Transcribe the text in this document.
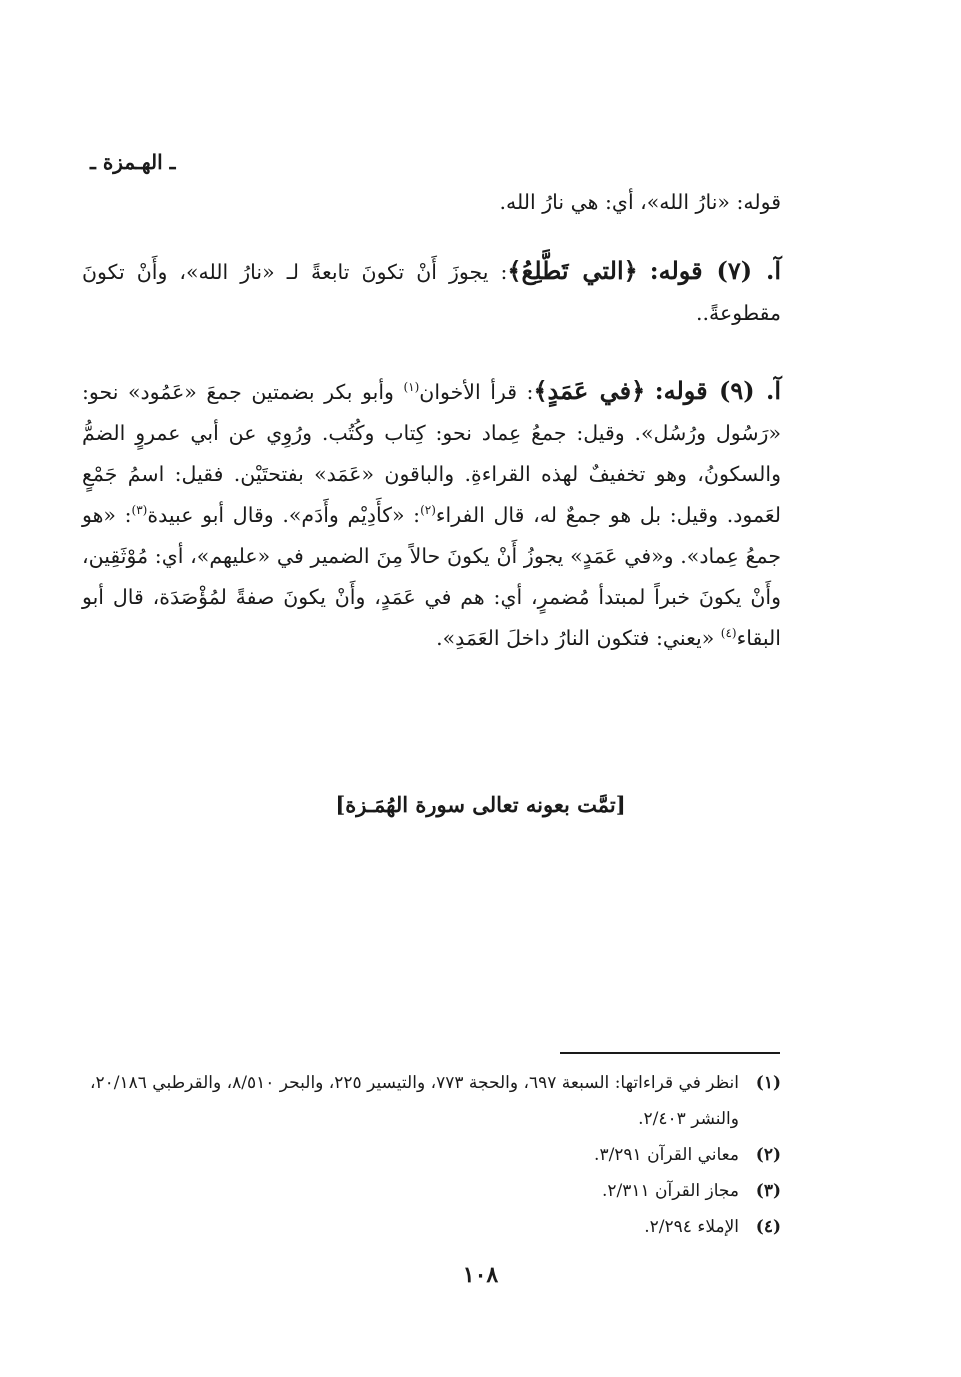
ـ الهـمزة ـ
قوله: «نارُ الله»، أي: هي نارُ الله.
آ. (٧) قوله: ﴿التي تَطَّلِعُ﴾: يجوزَ أَنْ تكونَ تابعةً لـ «نارُ الله»، وأَنْ تكونَ مقطوعةً..
آ. (٩) قوله: ﴿في عَمَدٍ﴾: قرأ الأخوان$^{(١)}$ وأبو بكر بضمتين جمعَ «عَمُود» نحو: «رَسُول ورُسُل». وقيل: جمعُ عِماد نحو: كِتاب وكُتُب. ورُوِي عن أبي عمروٍ الضمُّ والسكونُ، وهو تخفيفٌ لهذه القراءةِ. والباقون «عَمَد» بفتحتَيْن. فقيل: اسمُ جَمْعٍ لعَمود. وقيل: بل هو جمعٌ له، قال الفراء$^{(٢)}$: «كأَدِيْم وأَدَم». وقال أبو عبيدة$^{(٣)}$: «هو جمعُ عِماد». و«في عَمَدٍ» يجوزُ أَنْ يكونَ حالاً مِنَ الضمير في «عليهم»، أي: مُوْثَقِين، وأَنْ يكونَ خبراً لمبتدأ مُضمرٍ، أي: هم في عَمَدٍ، وأَنْ يكونَ صفةً لمُؤْصَدَة، قال أبو البقاء$^{(٤)}$ «يعني: فتكون النارُ داخلَ العَمَدِ».
[تمَّت بعونه تعالى سورة الهُمَـزة]
(١)
انظر في قراءاتها: السبعة ٦٩٧، والحجة ٧٧٣، والتيسير ٢٢٥، والبحر ٨/٥١٠، والقرطبي ٢٠/١٨٦، والنشر ٢/٤٠٣.
(٢)
معاني القرآن ٣/٢٩١.
(٣)
مجاز القرآن ٢/٣١١.
(٤)
الإملاء ٢/٢٩٤.
١٠٨
